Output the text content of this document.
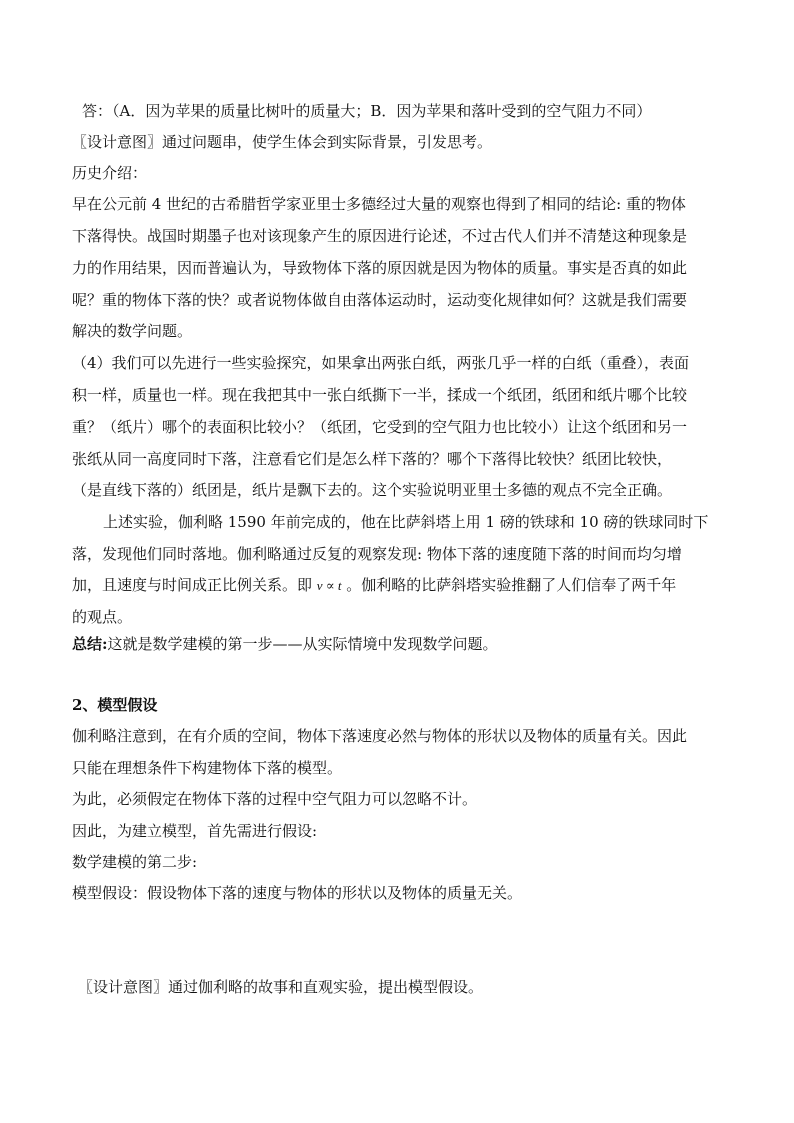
答：（A．因为苹果的质量比树叶的质量大；B．因为苹果和落叶受到的空气阻力不同）
〖设计意图〗通过问题串，使学生体会到实际背景，引发思考。
历史介绍：
早在公元前 4 世纪的古希腊哲学家亚里士多德经过大量的观察也得到了相同的结论: 重的物体
下落得快。战国时期墨子也对该现象产生的原因进行论述，不过古代人们并不清楚这种现象是
力的作用结果，因而普遍认为，导致物体下落的原因就是因为物体的质量。事实是否真的如此
呢？重的物体下落的快？或者说物体做自由落体运动时，运动变化规律如何？这就是我们需要
解决的数学问题。
（4）我们可以先进行一些实验探究，如果拿出两张白纸，两张几乎一样的白纸（重叠），表面
积一样，质量也一样。现在我把其中一张白纸撕下一半，揉成一个纸团，纸团和纸片哪个比较
重？（纸片）哪个的表面积比较小？（纸团，它受到的空气阻力也比较小）让这个纸团和另一
张纸从同一高度同时下落，注意看它们是怎么样下落的？哪个下落得比较快？纸团比较快，
（是直线下落的）纸团是，纸片是飘下去的。这个实验说明亚里士多德的观点不完全正确。
上述实验，伽利略 1590 年前完成的，他在比萨斜塔上用 1 磅的铁球和 10 磅的铁球同时下
落，发现他们同时落地。伽利略通过反复的观察发现: 物体下落的速度随下落的时间而均匀增
加，且速度与时间成正比例关系。即 v ∝ t 。伽利略的比萨斜塔实验推翻了人们信奉了两千年
的观点。
总结:这就是数学建模的第一步——从实际情境中发现数学问题。
2、模型假设
伽利略注意到，在有介质的空间，物体下落速度必然与物体的形状以及物体的质量有关。因此
只能在理想条件下构建物体下落的模型。
为此，必须假定在物体下落的过程中空气阻力可以忽略不计。
因此，为建立模型，首先需进行假设:
数学建模的第二步:
模型假设：假设物体下落的速度与物体的形状以及物体的质量无关。
〖设计意图〗通过伽利略的故事和直观实验，提出模型假设。
